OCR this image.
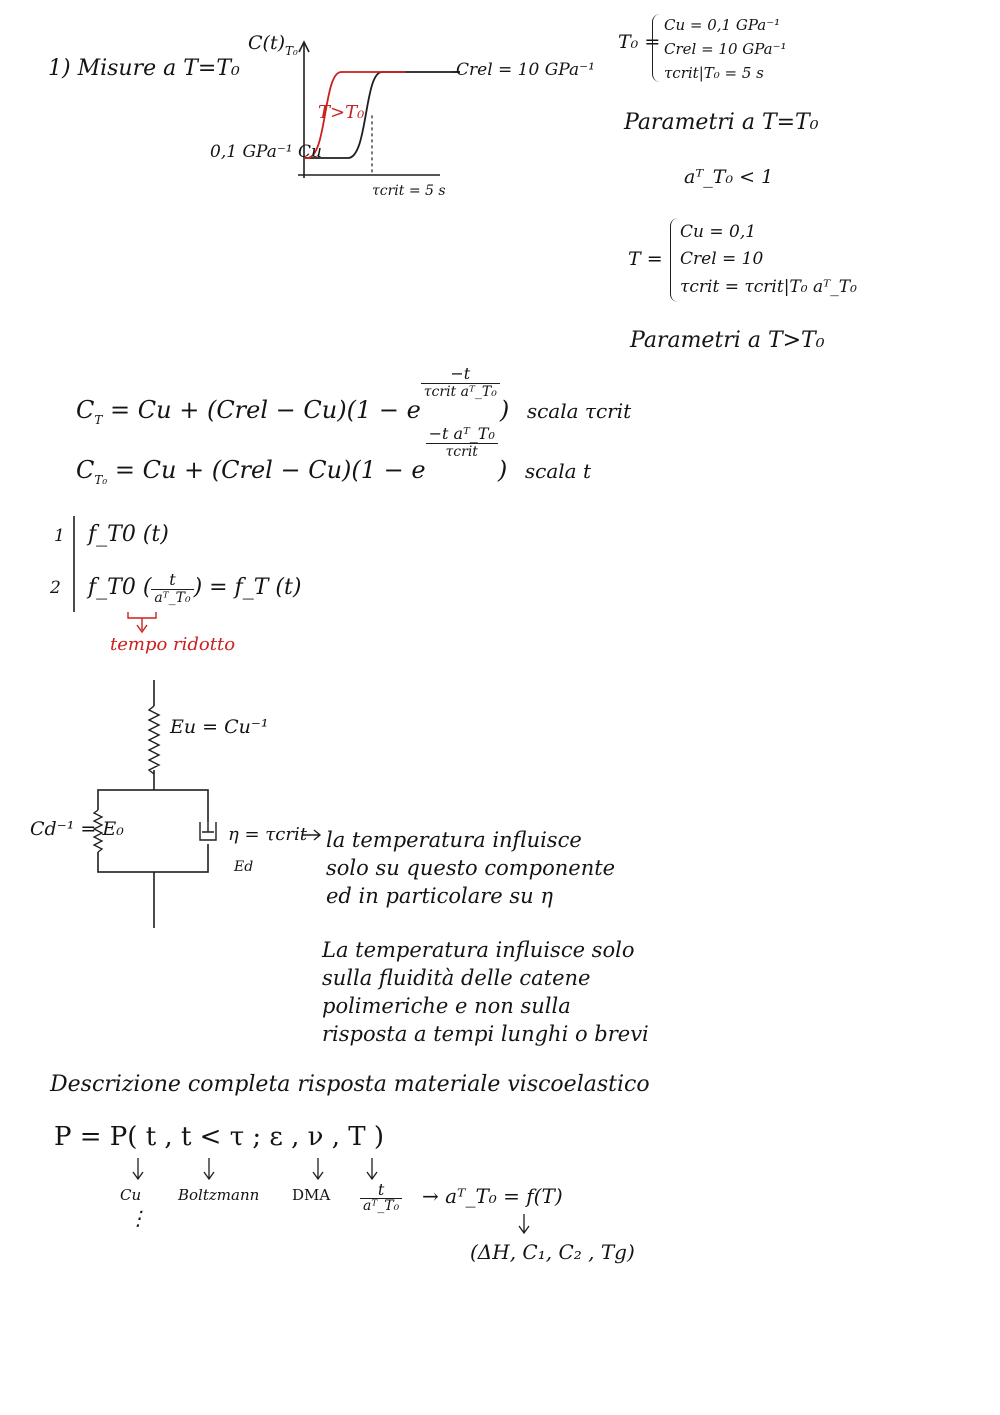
1) Misure a T=T₀
$C(t)_{T_0}$
T>T₀
0,1 GPa⁻¹ Cu
Crel = 10 GPa⁻¹
τcrit = 5 s
T₀ =
Cu = 0,1 GPa⁻¹
Crel = 10 GPa⁻¹
τcrit|T₀ = 5 s
Parametri a T=T₀
aᵀ_T₀ < 1
T =
Cu = 0,1
Crel = 10
τcrit = τcrit|T₀ aᵀ_T₀
Parametri a T>T₀
$C_T = Cu$ + (Crel − Cu)(1 − e
$\frac{-t}{\text{τcrit aᵀ\_T₀}}$
) scala τcrit
$C_{T_0} = Cu$ + (Crel − Cu)(1 − e
$\frac{\text{−t aᵀ\_T₀}}{\text{τcrit}}$
) scala t
1
2
f_T0 (t)
f_T0 ( $\frac{t}{\text{aᵀ\_T₀}}$ ) = f_T (t)
tempo ridotto
Eu = Cu⁻¹
Cd⁻¹ = E₀	η = τcrit
Ed
la temperatura influisce
solo su questo componente
ed in particolare su η
La temperatura influisce solo
sulla fluidità delle catene
polimeriche e non sulla
risposta a tempi lunghi o brevi
Descrizione completa risposta materiale viscoelastico
P = P( t , t < τ ; ε , ν , T )
Cu Boltzmann DMA
⋮
$\frac{t}{\text{aᵀ\_T₀}}$ → aᵀ_T₀ = f(T)
(ΔH, C₁, C₂ , Tg)
